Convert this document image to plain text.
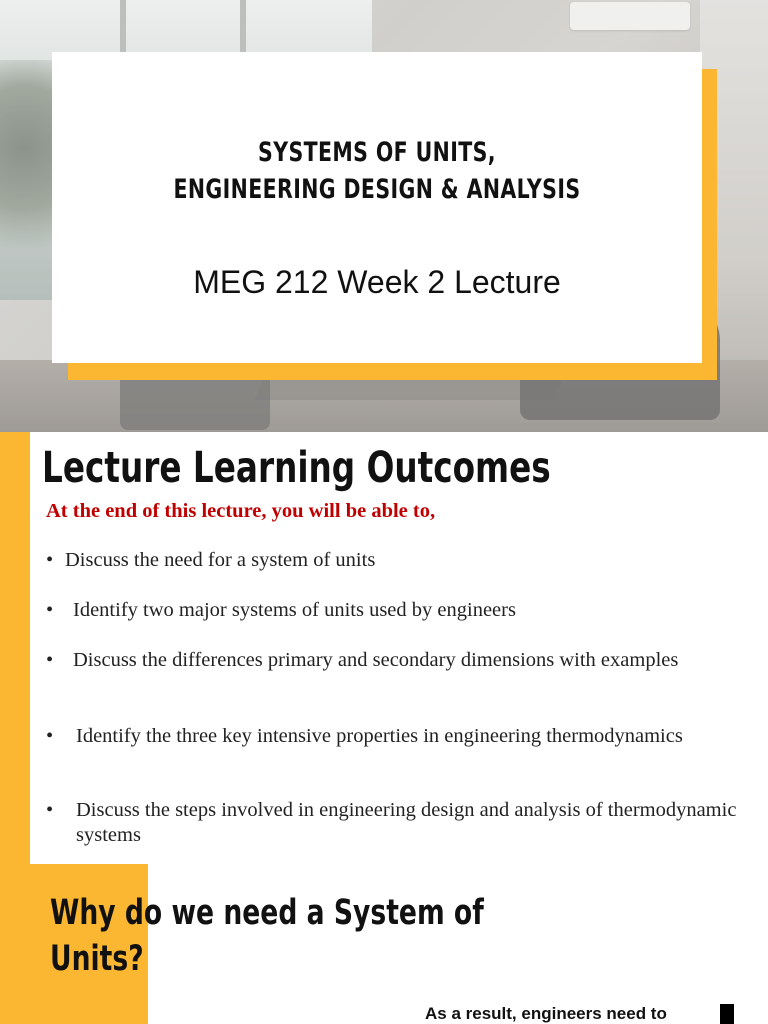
SYSTEMS OF UNITS,
ENGINEERING DESIGN & ANALYSIS
MEG 212 Week 2 Lecture
Lecture Learning Outcomes
At the end of this lecture, you will be able to,
• Discuss the need for a system of units
• Identify two major systems of units used by engineers
• Discuss the differences primary and secondary dimensions with examples
•	Identify the three key intensive properties in engineering thermodynamics
•	Discuss the steps involved in engineering design and analysis of thermodynamic systems
Why do we need a System of Units?
As a result, engineers need to
